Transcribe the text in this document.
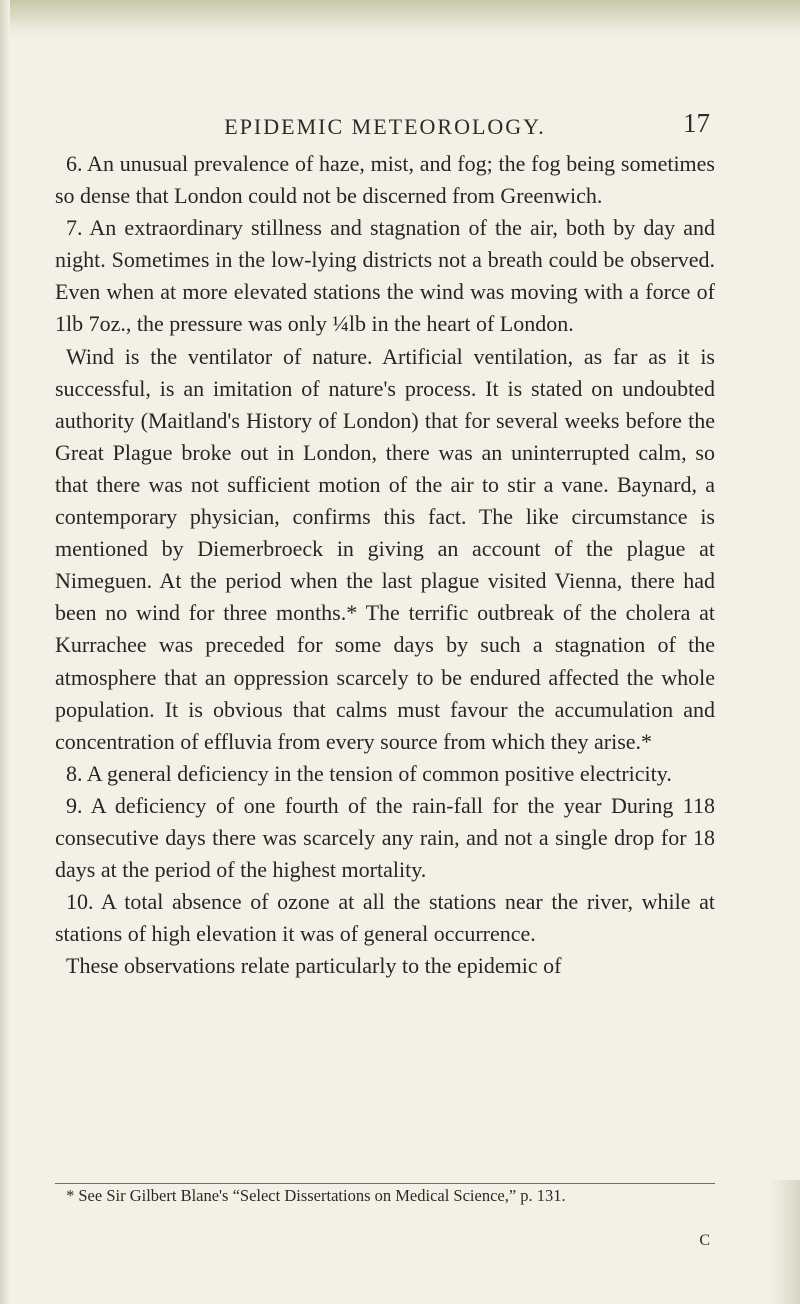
EPIDEMIC METEOROLOGY.	17

6. An unusual prevalence of haze, mist, and fog; the fog being sometimes so dense that London could not be discerned from Greenwich.

7. An extraordinary stillness and stagnation of the air, both by day and night. Sometimes in the low-lying districts not a breath could be observed. Even when at more elevated stations the wind was moving with a force of 1lb 7oz., the pressure was only ¼lb in the heart of London.

Wind is the ventilator of nature. Artificial ventilation, as far as it is successful, is an imitation of nature's process. It is stated on undoubted authority (Maitland's History of London) that for several weeks before the Great Plague broke out in London, there was an uninterrupted calm, so that there was not sufficient motion of the air to stir a vane. Baynard, a contemporary physician, confirms this fact. The like circumstance is mentioned by Diemerbroeck in giving an account of the plague at Nimeguen. At the period when the last plague visited Vienna, there had been no wind for three months.* The terrific outbreak of the cholera at Kurrachee was preceded for some days by such a stagnation of the atmosphere that an oppression scarcely to be endured affected the whole population. It is obvious that calms must favour the accumulation and concentration of effluvia from every source from which they arise.*

8. A general deficiency in the tension of common positive electricity.

9. A deficiency of one fourth of the rain-fall for the year During 118 consecutive days there was scarcely any rain, and not a single drop for 18 days at the period of the highest mortality.

10. A total absence of ozone at all the stations near the river, while at stations of high elevation it was of general occurrence.

These observations relate particularly to the epidemic of

* See Sir Gilbert Blane's “Select Dissertations on Medical Science,” p. 131.
C
